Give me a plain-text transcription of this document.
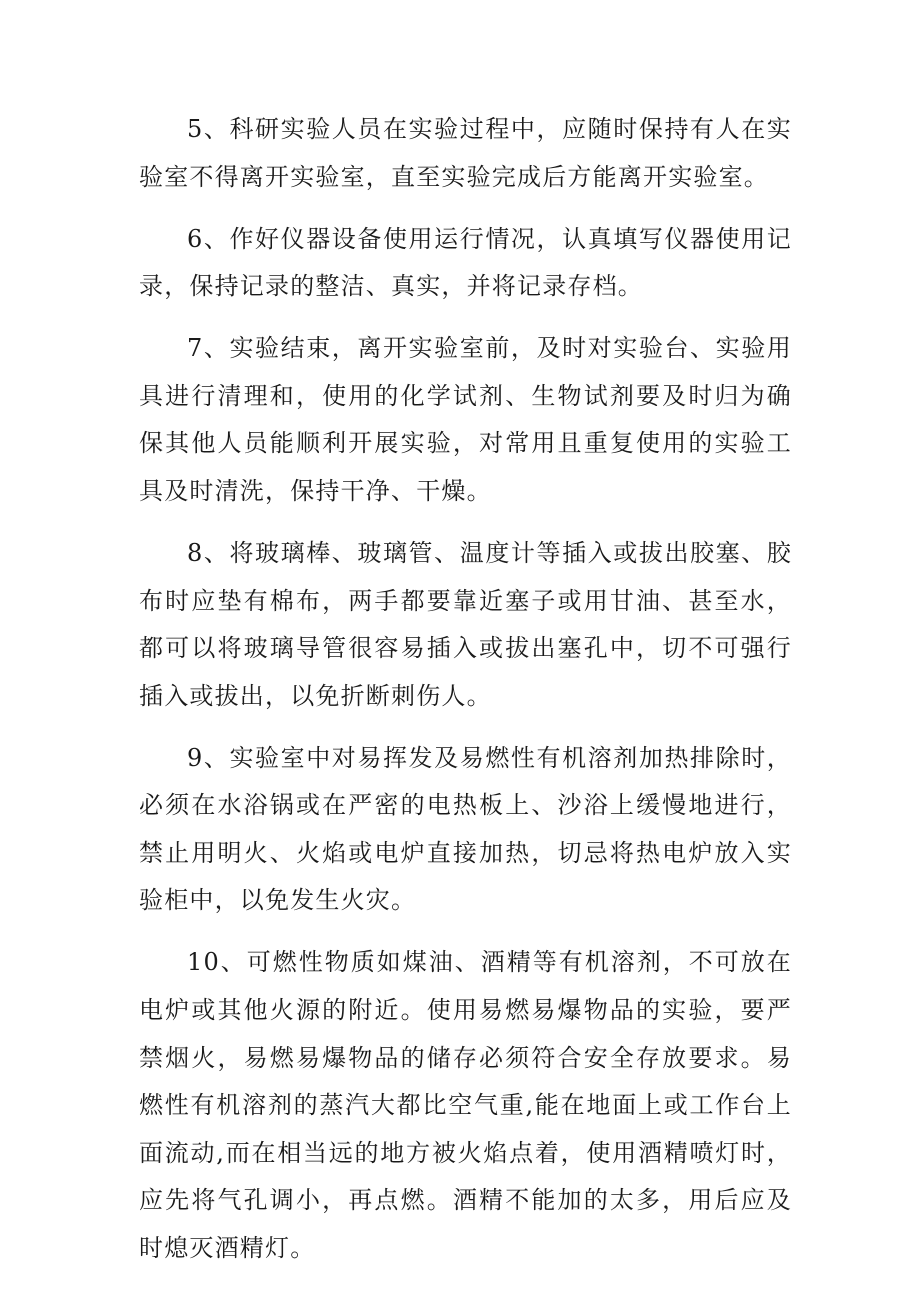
5、科研实验人员在实验过程中，应随时保持有人在实验室不得离开实验室，直至实验完成后方能离开实验室。

6、作好仪器设备使用运行情况，认真填写仪器使用记录，保持记录的整洁、真实，并将记录存档。

7、实验结束，离开实验室前，及时对实验台、实验用具进行清理和，使用的化学试剂、生物试剂要及时归为确保其他人员能顺利开展实验，对常用且重复使用的实验工具及时清洗，保持干净、干燥。

8、将玻璃棒、玻璃管、温度计等插入或拔出胶塞、胶布时应垫有棉布，两手都要靠近塞子或用甘油、甚至水，都可以将玻璃导管很容易插入或拔出塞孔中，切不可强行插入或拔出，以免折断刺伤人。

9、实验室中对易挥发及易燃性有机溶剂加热排除时，必须在水浴锅或在严密的电热板上、沙浴上缓慢地进行，禁止用明火、火焰或电炉直接加热，切忌将热电炉放入实验柜中，以免发生火灾。

10、可燃性物质如煤油、酒精等有机溶剂，不可放在电炉或其他火源的附近。使用易燃易爆物品的实验，要严禁烟火，易燃易爆物品的储存必须符合安全存放要求。易燃性有机溶剂的蒸汽大都比空气重,能在地面上或工作台上面流动,而在相当远的地方被火焰点着，使用酒精喷灯时，应先将气孔调小，再点燃。酒精不能加的太多，用后应及时熄灭酒精灯。
